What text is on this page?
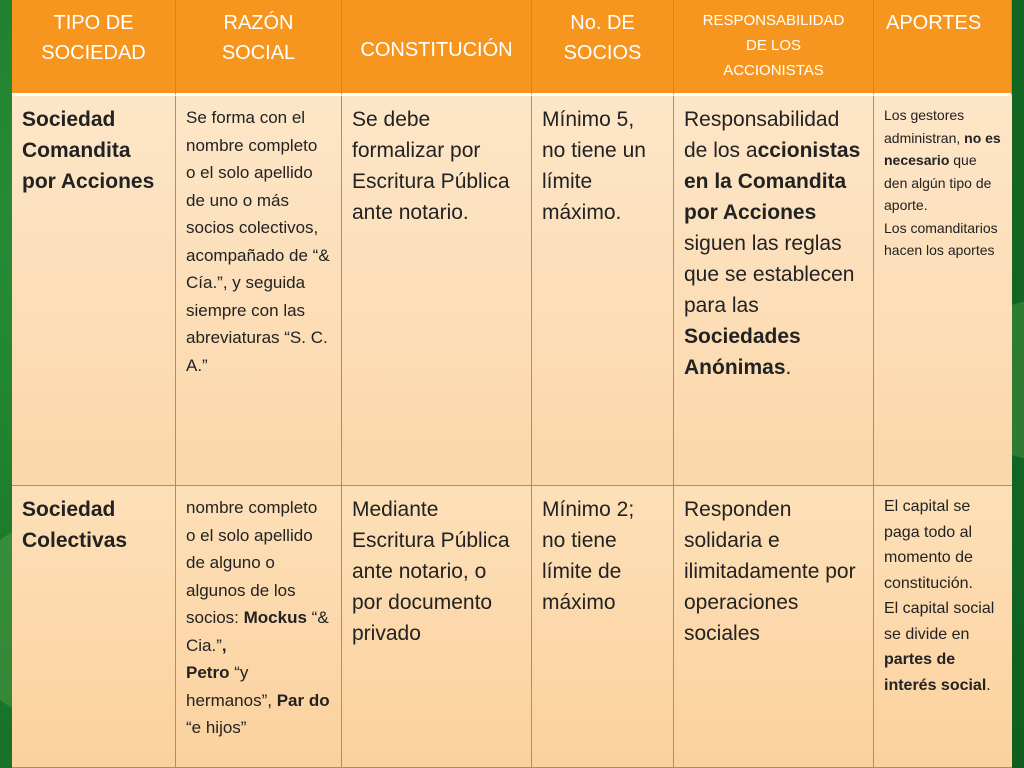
TIPO DE
SOCIEDAD
RAZÓN
SOCIAL	CONSTITUCIÓN
No. DE
SOCIOS
RESPONSABILIDAD
DE LOS
ACCIONISTAS
APORTES
Sociedad Comandita por Acciones
Se forma con el nombre completo o el solo apellido de uno o más socios colectivos, acompañado de “& Cía.”, y seguida siempre con las abreviaturas “S. C. A.”
Se debe formalizar por Escritura Pública ante notario.
Mínimo 5, no tiene un límite máximo.
Responsabilidad de los accionistas en la Comandita por Acciones siguen las reglas que se establecen para las Sociedades Anónimas.
Los gestores administran, no es necesario que den algún tipo de aporte.
Los comanditarios hacen los aportes
Sociedad Colectivas
nombre completo o el solo apellido de alguno o algunos de los socios: Mockus “& Cia.”,
Petro “y hermanos”, Par do “e hijos”
Mediante Escritura Pública ante notario, o por documento privado
Mínimo 2; no tiene límite de máximo
Responden solidaria e ilimitadamente por operaciones sociales
El capital se paga todo al momento de constitución.
El capital social se divide en partes de interés social.
